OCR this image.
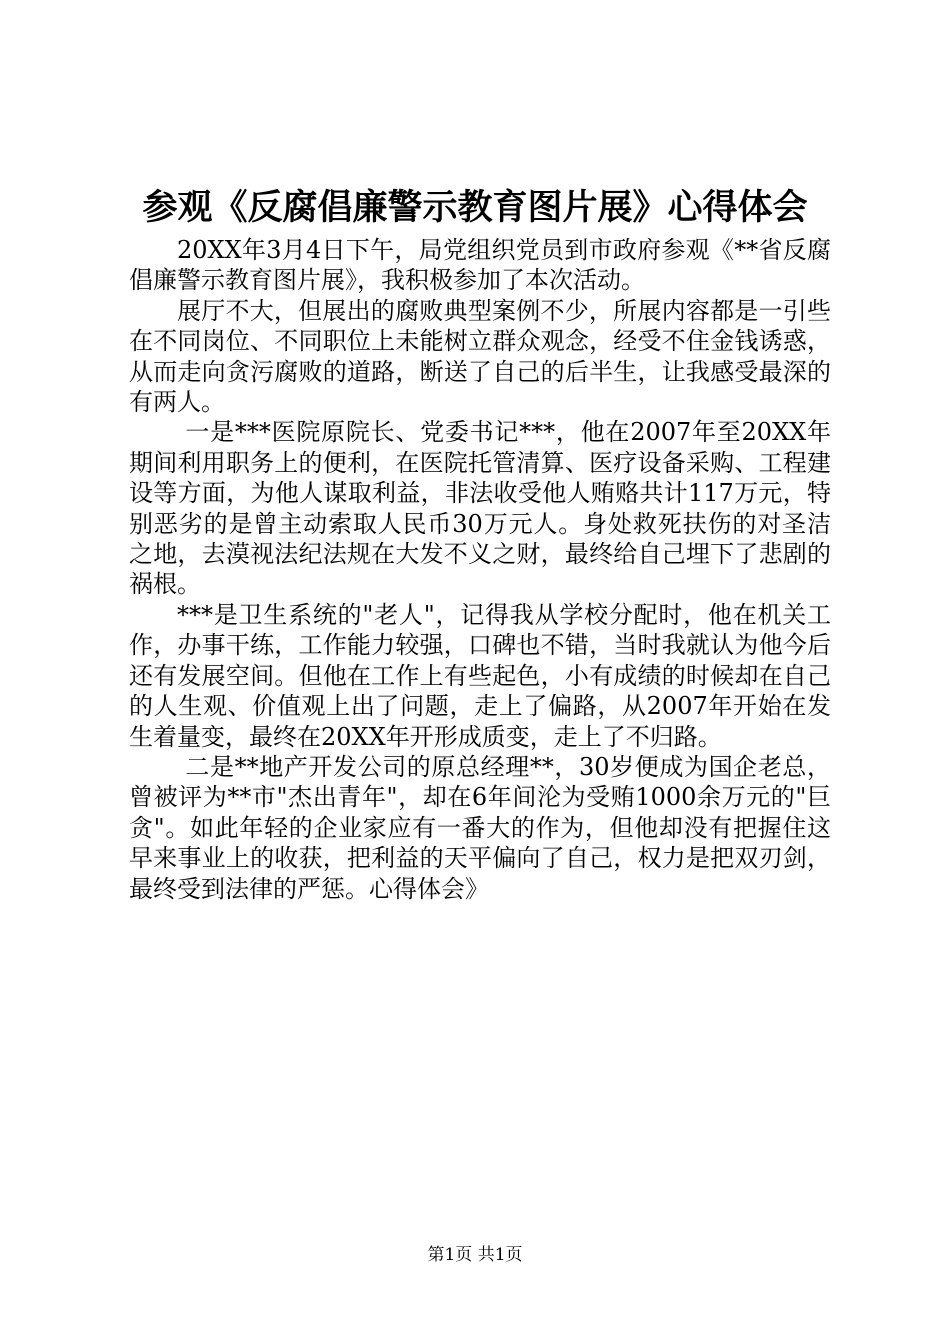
参观《反腐倡廉警示教育图片展》心得体会

20XX年3月4日下午，局党组织党员到市政府参观《**省反腐倡廉警示教育图片展》，我积极参加了本次活动。

展厅不大，但展出的腐败典型案例不少，所展内容都是一引些在不同岗位、不同职位上未能树立群众观念，经受不住金钱诱惑，从而走向贪污腐败的道路，断送了自己的后半生，让我感受最深的有两人。

一是***医院原院长、党委书记***，他在2007年至20XX年期间利用职务上的便利，在医院托管清算、医疗设备采购、工程建设等方面，为他人谋取利益，非法收受他人贿赂共计117万元，特别恶劣的是曾主动索取人民币30万元人。身处救死扶伤的对圣洁之地，去漠视法纪法规在大发不义之财，最终给自己埋下了悲剧的祸根。

***是卫生系统的"老人"，记得我从学校分配时，他在机关工作，办事干练，工作能力较强，口碑也不错，当时我就认为他今后还有发展空间。但他在工作上有些起色，小有成绩的时候却在自己的人生观、价值观上出了问题，走上了偏路，从2007年开始在发生着量变，最终在20XX年开形成质变，走上了不归路。

二是**地产开发公司的原总经理**，30岁便成为国企老总，曾被评为**市"杰出青年"，却在6年间沦为受贿1000余万元的"巨贪"。如此年轻的企业家应有一番大的作为，但他却没有把握住这早来事业上的收获，把利益的天平偏向了自己，权力是把双刃剑，最终受到法律的严惩。心得体会》

第1页 共1页
